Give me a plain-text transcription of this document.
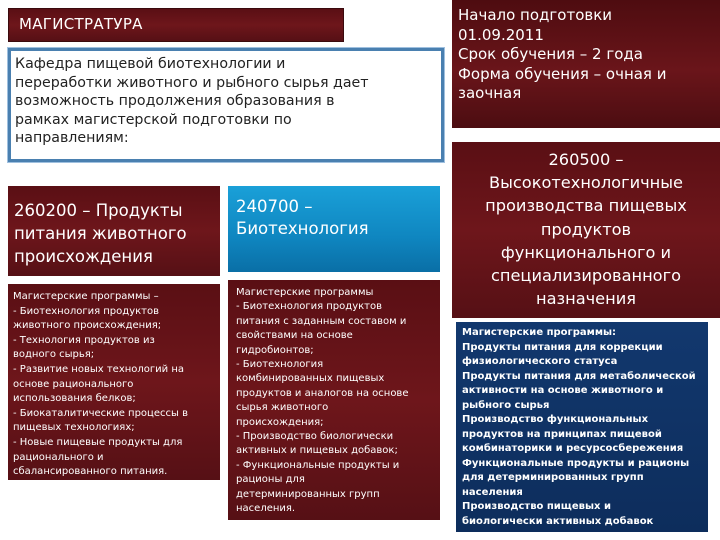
МАГИСТРАТУРА
Кафедра пищевой биотехнологии и
переработки животного и рыбного сырья дает
возможность продолжения образования в
рамках магистерской подготовки по
направлениям:
Начало подготовки
01.09.2011
Срок обучения – 2 года
Форма обучения – очная и
заочная
260200 – Продукты
питания животного
происхождения
240700 –
Биотехнология
260500 –
Высокотехнологичные
производства пищевых
продуктов
функционального и
специализированного
назначения
Магистерские программы –
- Биотехнология продуктов
животного происхождения;
- Технология продуктов из
водного сырья;
- Развитие новых технологий на
основе рационального
использования белков;
- Биокаталитические процессы в
пищевых технологиях;
- Новые пищевые продукты для
рационального и
сбалансированного питания.
Магистерские программы
- Биотехнология продуктов
питания с заданным составом и
свойствами на основе
гидробионтов;
- Биотехнология
комбинированных пищевых
продуктов и аналогов на основе
сырья животного
происхождения;
- Производство биологически
активных и пищевых добавок;
- Функциональные продукты и
рационы для
детерминированных групп
населения.
Магистерские программы:
Продукты питания для коррекции
физиологического статуса
Продукты питания для метаболической
активности на основе животного и
рыбного сырья
Производство функциональных
продуктов на принципах пищевой
комбинаторики и ресурсосбережения
Функциональные продукты и рационы
для детерминированных групп
населения
Производство пищевых и
биологически активных добавок
